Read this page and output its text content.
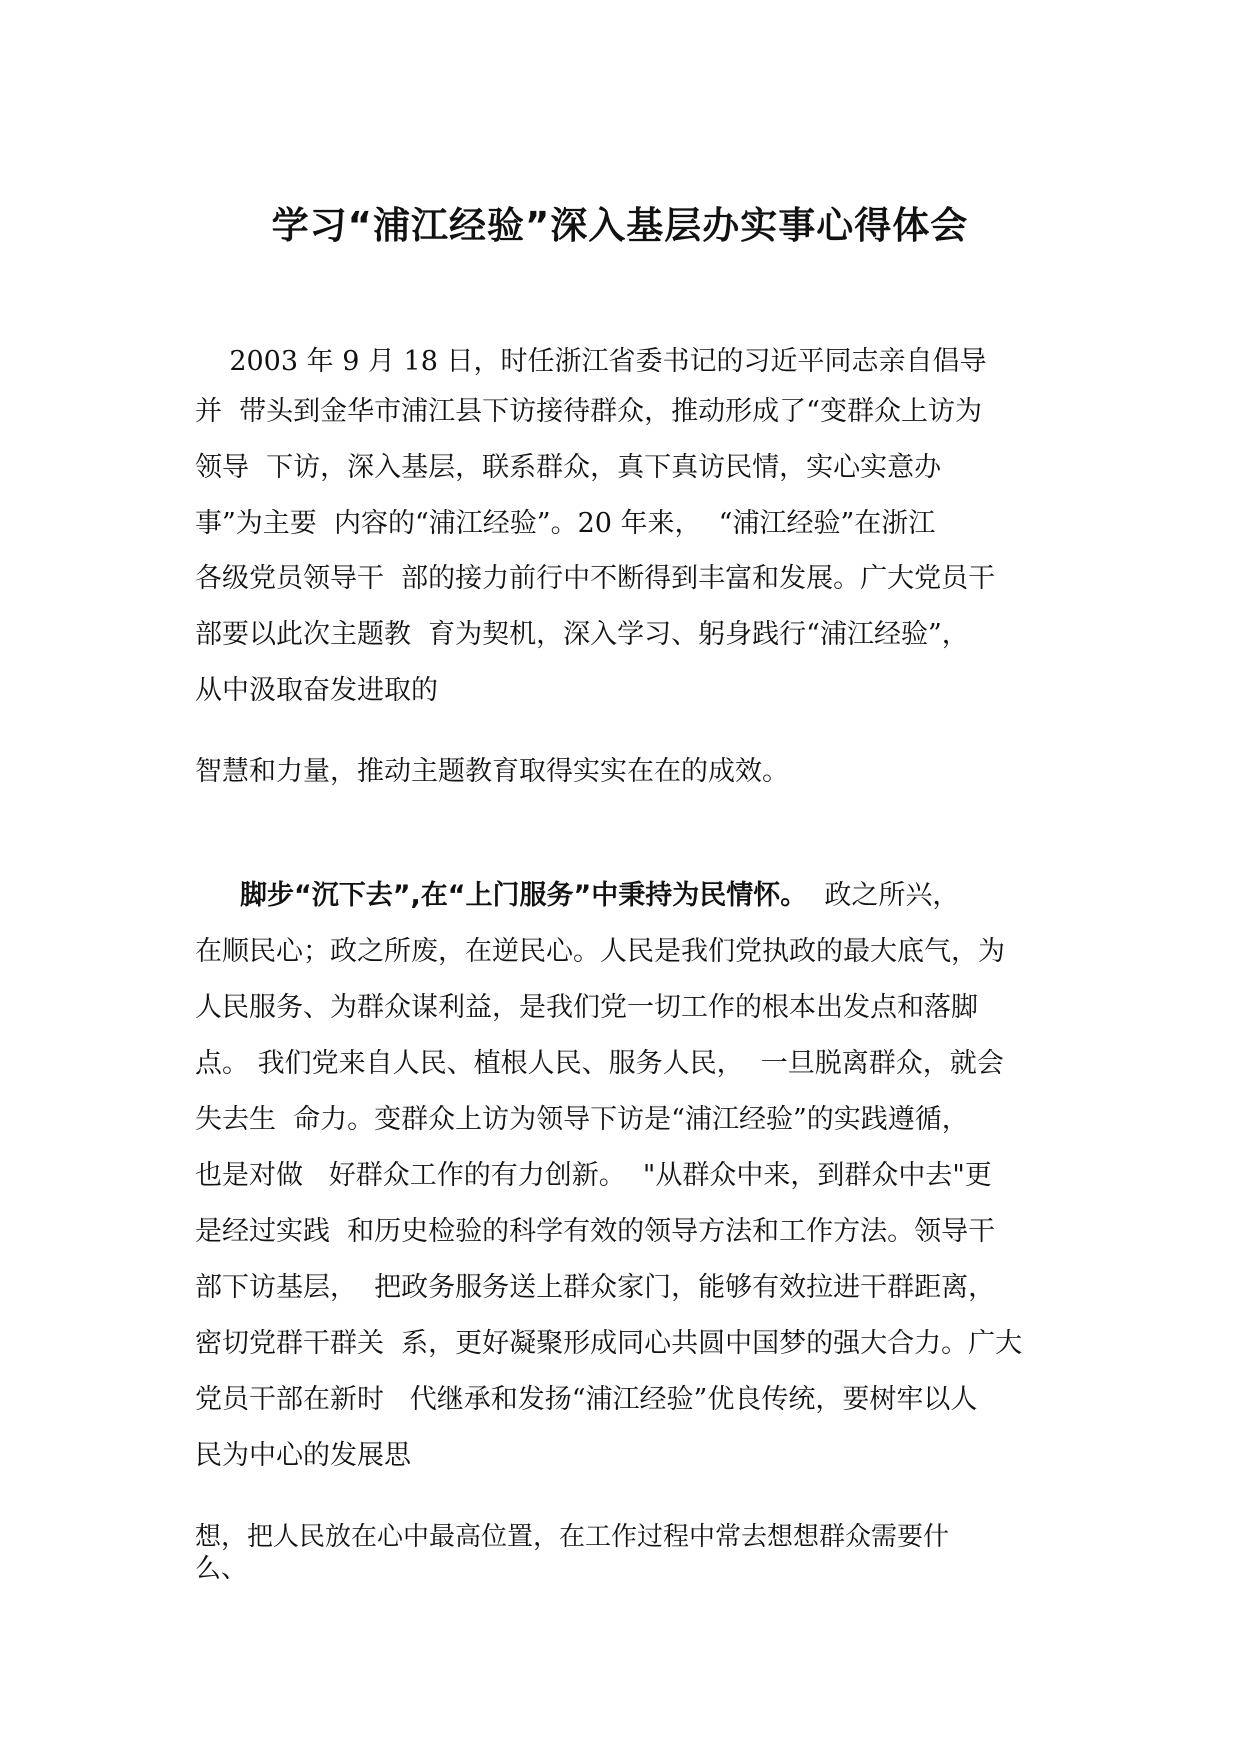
学习“浦江经验”深入基层办实事心得体会
2003 年 9 月 18 日，时任浙江省委书记的习近平同志亲自倡导
并  带头到金华市浦江县下访接待群众，推动形成了“变群众上访为
领导  下访，深入基层，联系群众，真下真访民情，实心实意办
事”为主要  内容的“浦江经验”。20 年来，  “浦江经验”在浙江
各级党员领导干  部的接力前行中不断得到丰富和发展。广大党员干
部要以此次主题教  育为契机，深入学习、躬身践行“浦江经验”，
从中汲取奋发进取的
智慧和力量，推动主题教育取得实实在在的成效。
脚步“沉下去”,在“上门服务”中秉持为民情怀。  政之所兴，
在顺民心；政之所废，在逆民心。人民是我们党执政的最大底气，为
人民服务、为群众谋利益，是我们党一切工作的根本出发点和落脚
点。 我们党来自人民、植根人民、服务人民，  一旦脱离群众，就会
失去生  命力。变群众上访为领导下访是“浦江经验”的实践遵循，
也是对做   好群众工作的有力创新。  "从群众中来，到群众中去"更
是经过实践  和历史检验的科学有效的领导方法和工作方法。领导干
部下访基层，  把政务服务送上群众家门，能够有效拉进干群距离，
密切党群干群关  系，更好凝聚形成同心共圆中国梦的强大合力。广大
党员干部在新时   代继承和发扬“浦江经验”优良传统，要树牢以人
民为中心的发展思
想，把人民放在心中最高位置，在工作过程中常去想想群众需要什
么、
